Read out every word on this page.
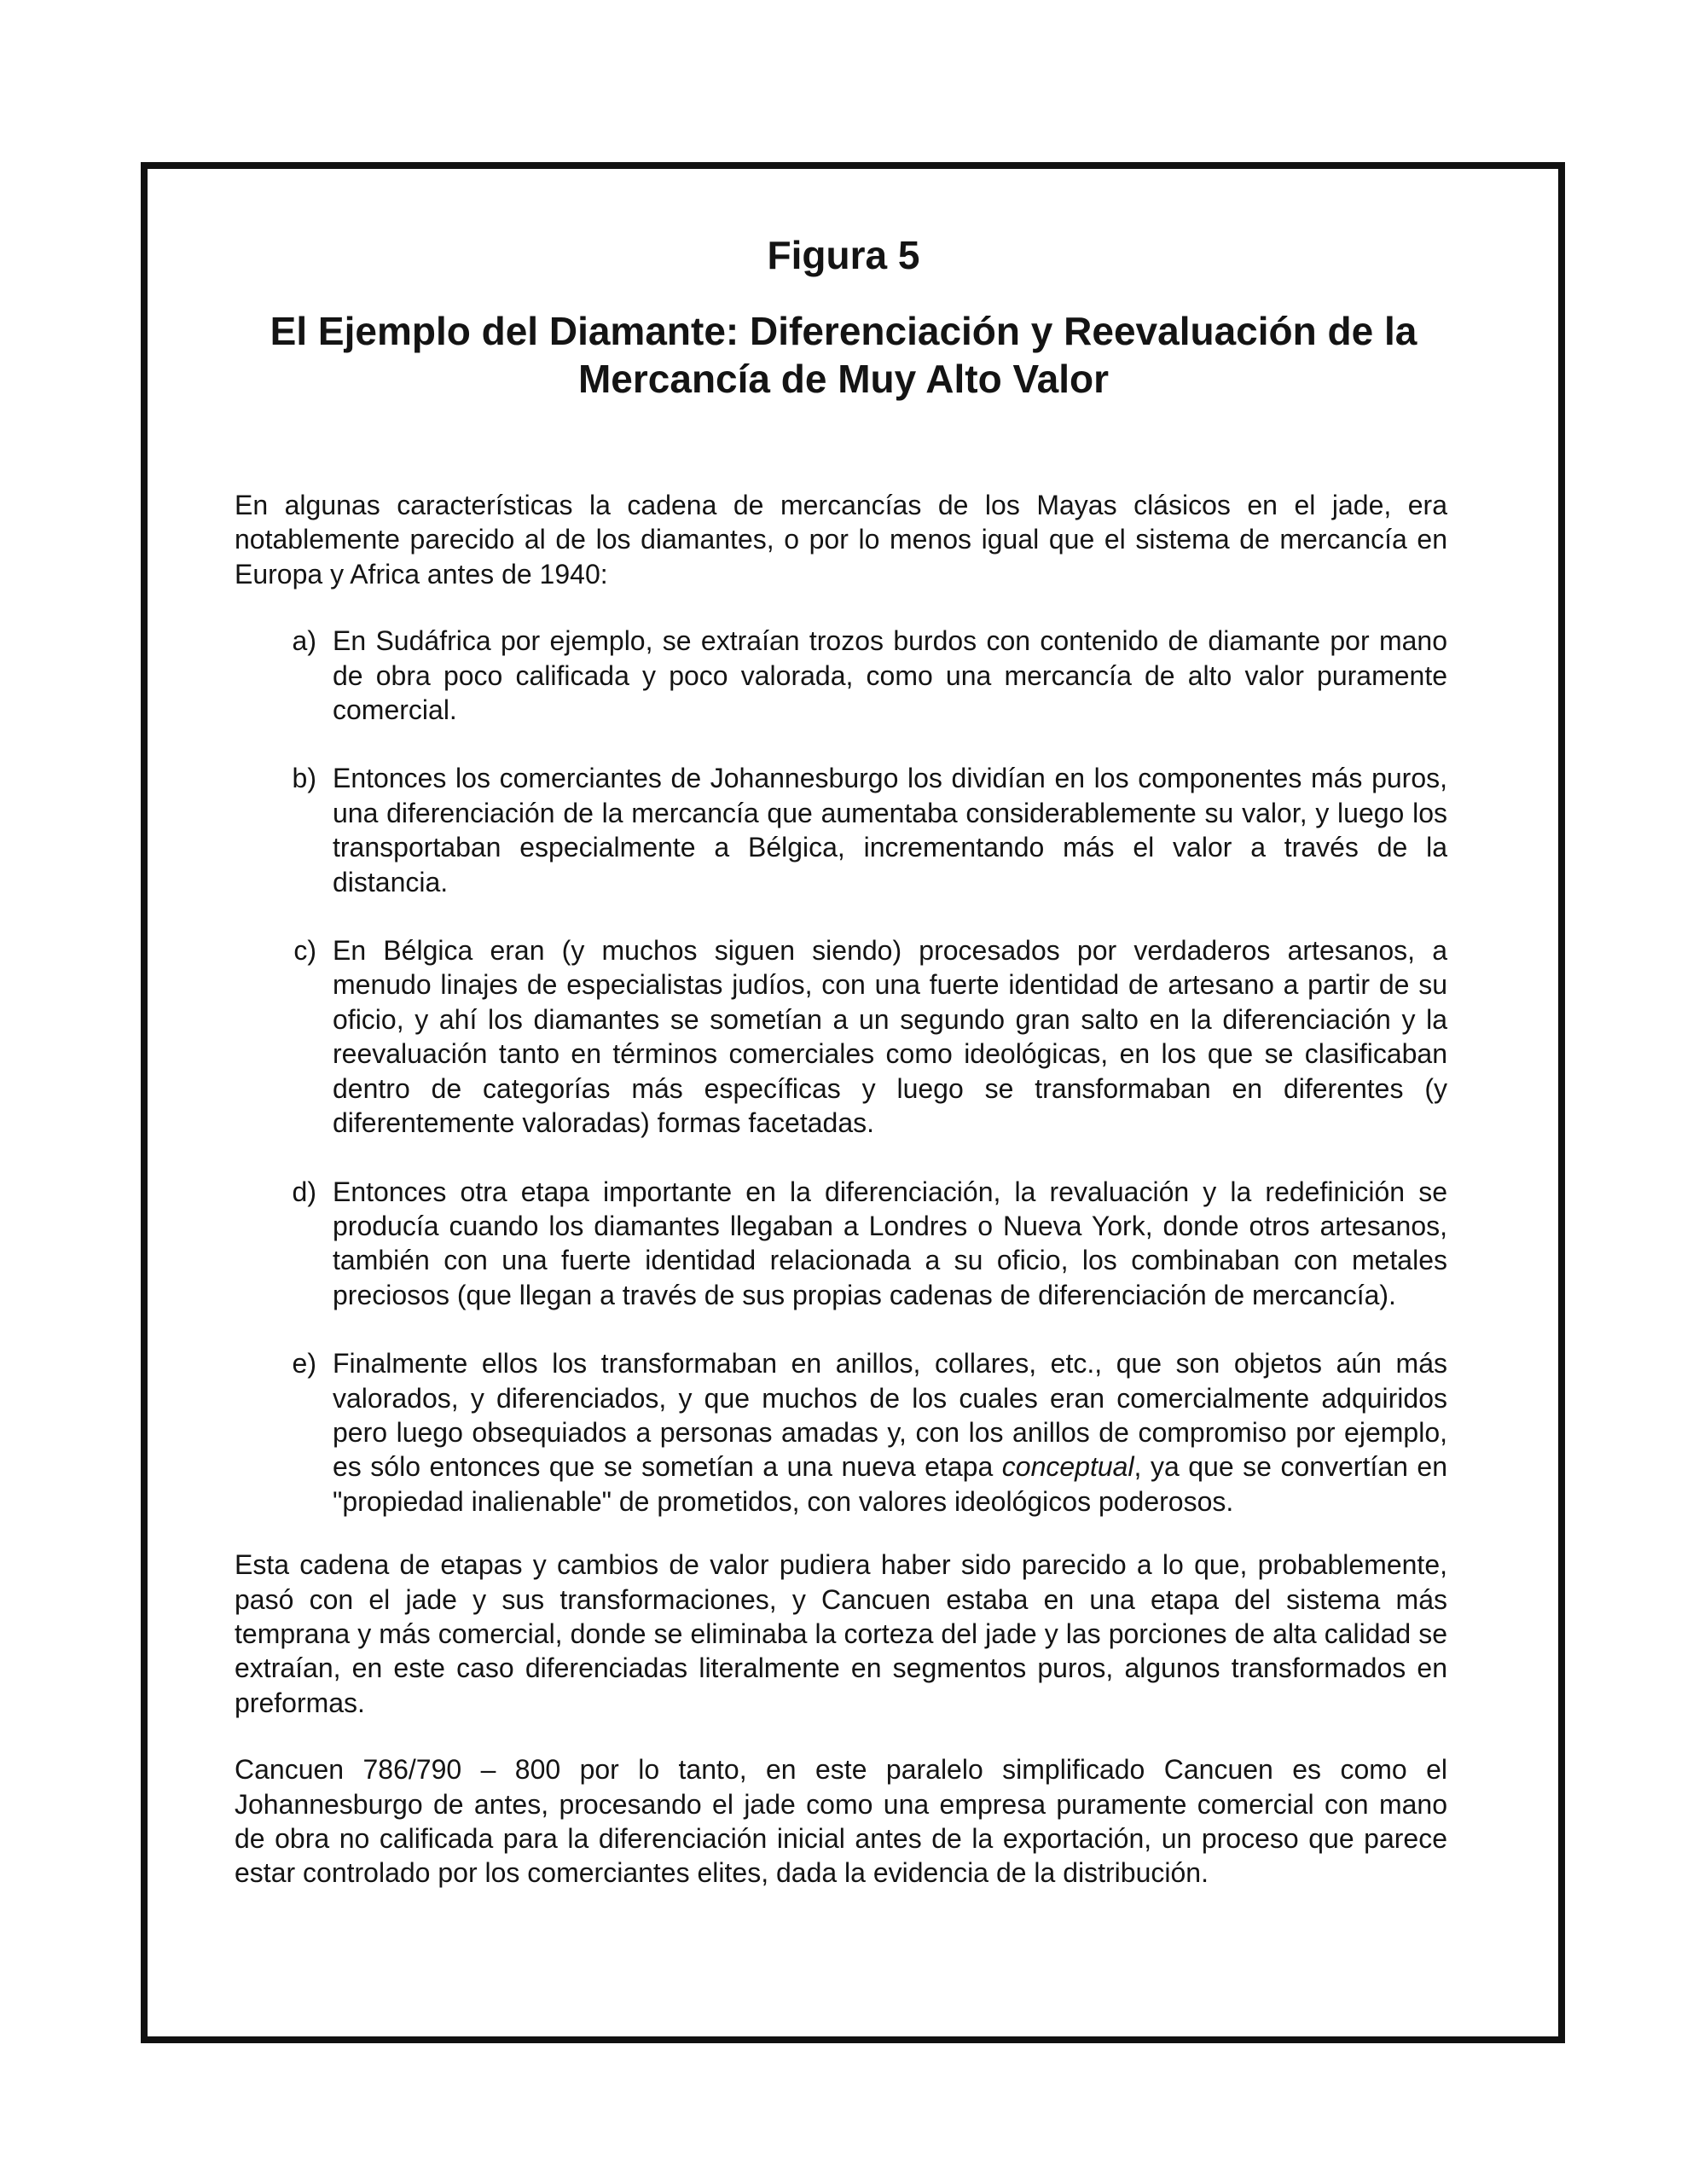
Figura 5
El Ejemplo del Diamante: Diferenciación y Reevaluación de la Mercancía de Muy Alto Valor

En algunas características la cadena de mercancías de los Mayas clásicos en el jade, era notablemente parecido al de los diamantes, o por lo menos igual que el sistema de mercancía en Europa y Africa antes de 1940:

a) En Sudáfrica por ejemplo, se extraían trozos burdos con contenido de diamante por mano de obra poco calificada y poco valorada, como una mercancía de alto valor puramente comercial.
b) Entonces los comerciantes de Johannesburgo los dividían en los componentes más puros, una diferenciación de la mercancía que aumentaba considerablemente su valor, y luego los transportaban especialmente a Bélgica, incrementando más el valor a través de la distancia.
c) En Bélgica eran (y muchos siguen siendo) procesados por verdaderos artesanos, a menudo linajes de especialistas judíos, con una fuerte identidad de artesano a partir de su oficio, y ahí los diamantes se sometían a un segundo gran salto en la diferenciación y la reevaluación tanto en términos comerciales como ideológicas, en los que se clasificaban dentro de categorías más específicas y luego se transformaban en diferentes (y diferentemente valoradas) formas facetadas.
d) Entonces otra etapa importante en la diferenciación, la revaluación y la redefinición se producía cuando los diamantes llegaban a Londres o Nueva York, donde otros artesanos, también con una fuerte identidad relacionada a su oficio, los combinaban con metales preciosos (que llegan a través de sus propias cadenas de diferenciación de mercancía).
e) Finalmente ellos los transformaban en anillos, collares, etc., que son objetos aún más valorados, y diferenciados, y que muchos de los cuales eran comercialmente adquiridos pero luego obsequiados a personas amadas y, con los anillos de compromiso por ejemplo, es sólo entonces que se sometían a una nueva etapa conceptual, ya que se convertían en "propiedad inalienable" de prometidos, con valores ideológicos poderosos.

Esta cadena de etapas y cambios de valor pudiera haber sido parecido a lo que, probablemente, pasó con el jade y sus transformaciones, y Cancuen estaba en una etapa del sistema más temprana y más comercial, donde se eliminaba la corteza del jade y las porciones de alta calidad se extraían, en este caso diferenciadas literalmente en segmentos puros, algunos transformados en preformas.

Cancuen 786/790 – 800 por lo tanto, en este paralelo simplificado Cancuen es como el Johannesburgo de antes, procesando el jade como una empresa puramente comercial con mano de obra no calificada para la diferenciación inicial antes de la exportación, un proceso que parece estar controlado por los comerciantes elites, dada la evidencia de la distribución.
